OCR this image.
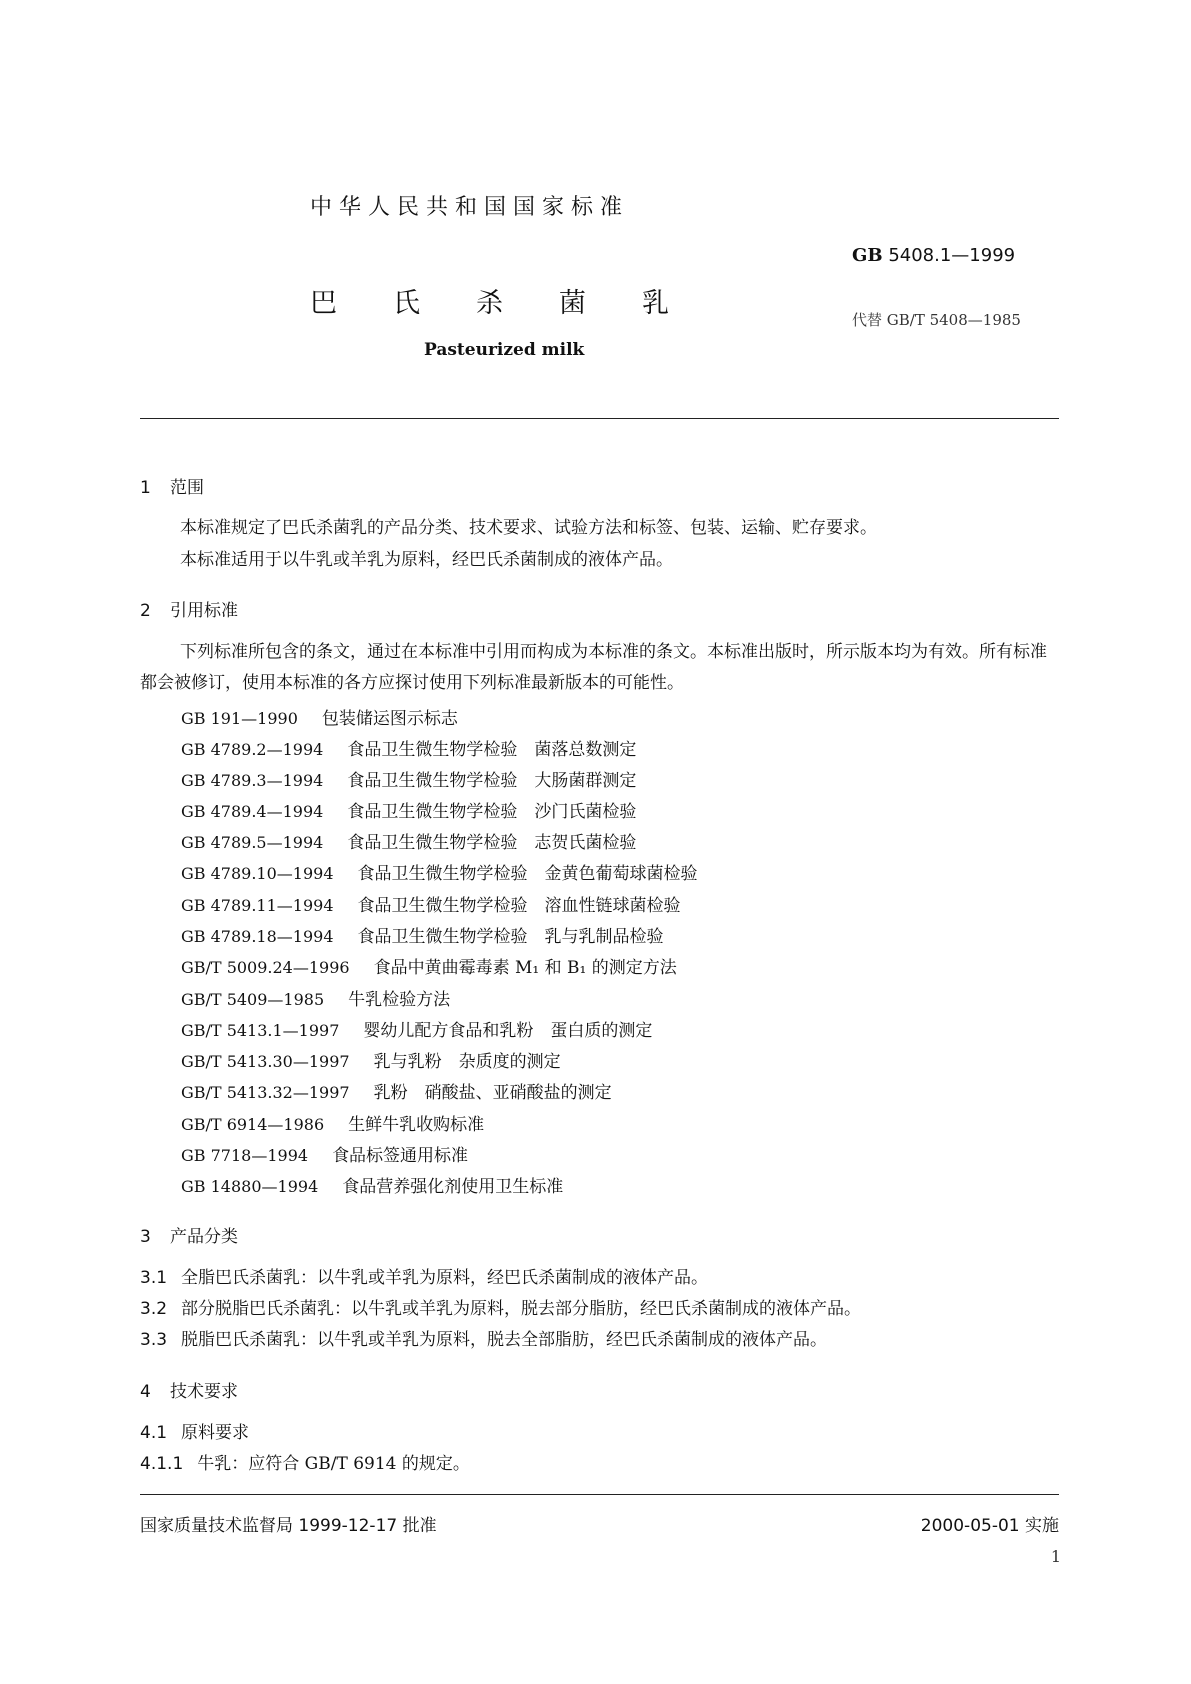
中华人民共和国国家标准
巴氏杀菌乳
Pasteurized milk
GB 5408.1—1999
代替 GB/T 5408—1985
1 范围
本标准规定了巴氏杀菌乳的产品分类、技术要求、试验方法和标签、包装、运输、贮存要求。
本标准适用于以牛乳或羊乳为原料，经巴氏杀菌制成的液体产品。
2 引用标准
下列标准所包含的条文，通过在本标准中引用而构成为本标准的条文。本标准出版时，所示版本均为有效。所有标准都会被修订，使用本标准的各方应探讨使用下列标准最新版本的可能性。
GB 191—1990 包装储运图示标志
GB 4789.2—1994 食品卫生微生物学检验　菌落总数测定
GB 4789.3—1994 食品卫生微生物学检验　大肠菌群测定
GB 4789.4—1994 食品卫生微生物学检验　沙门氏菌检验
GB 4789.5—1994 食品卫生微生物学检验　志贺氏菌检验
GB 4789.10—1994 食品卫生微生物学检验　金黄色葡萄球菌检验
GB 4789.11—1994 食品卫生微生物学检验　溶血性链球菌检验
GB 4789.18—1994 食品卫生微生物学检验　乳与乳制品检验
GB/T 5009.24—1996 食品中黄曲霉毒素 M₁ 和 B₁ 的测定方法
GB/T 5409—1985 牛乳检验方法
GB/T 5413.1—1997 婴幼儿配方食品和乳粉　蛋白质的测定
GB/T 5413.30—1997 乳与乳粉　杂质度的测定
GB/T 5413.32—1997 乳粉　硝酸盐、亚硝酸盐的测定
GB/T 6914—1986 生鲜牛乳收购标准
GB 7718—1994 食品标签通用标准
GB 14880—1994 食品营养强化剂使用卫生标准
3 产品分类
3.1 全脂巴氏杀菌乳：以牛乳或羊乳为原料，经巴氏杀菌制成的液体产品。
3.2 部分脱脂巴氏杀菌乳：以牛乳或羊乳为原料，脱去部分脂肪，经巴氏杀菌制成的液体产品。
3.3 脱脂巴氏杀菌乳：以牛乳或羊乳为原料，脱去全部脂肪，经巴氏杀菌制成的液体产品。
4 技术要求
4.1 原料要求
4.1.1 牛乳：应符合 GB/T 6914 的规定。
国家质量技术监督局 1999-12-17 批准	2000-05-01 实施
1
